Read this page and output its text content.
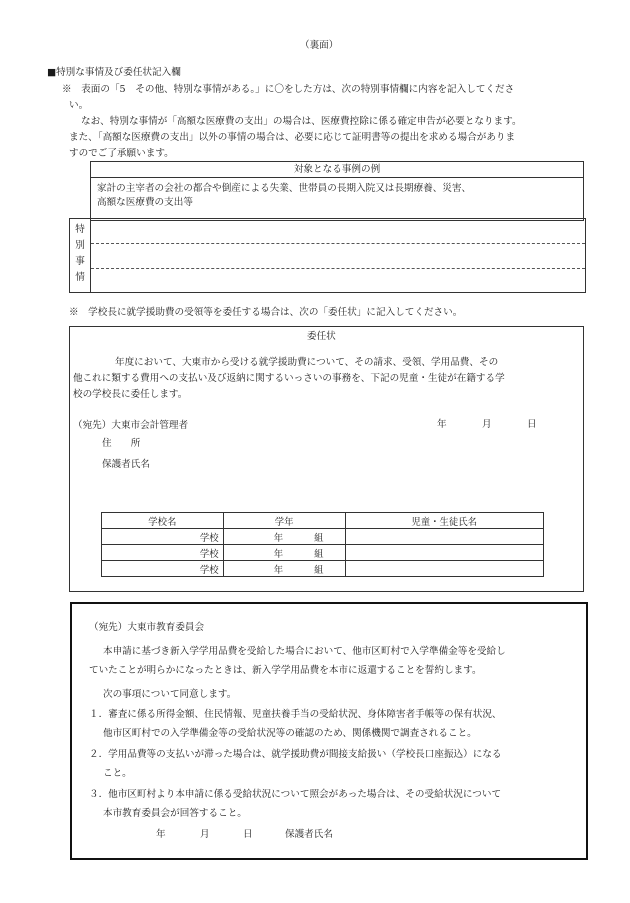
（裏面）
■特別な事情及び委任状記入欄
※　表面の「5　その他、特別な事情がある。」に〇をした方は、次の特別事情欄に内容を記入してくださ
い。
なお、特別な事情が「高額な医療費の支出」の場合は、医療費控除に係る確定申告が必要となります。
また、「高額な医療費の支出」以外の事情の場合は、必要に応じて証明書等の提出を求める場合がありま
すのでご了承願います。
対象となる事例の例

家計の主宰者の会社の都合や倒産による失業、世帯員の長期入院又は長期療養、災害、
高額な医療費の支出等
特
別
事
情
※　学校長に就学援助費の受領等を委任する場合は、次の「委任状」に記入してください。
委任状
年度において、大東市から受ける就学援助費について、その請求、受領、学用品費、その
他これに類する費用への支払い及び返納に関するいっさいの事務を、下記の児童・生徒が在籍する学
校の学校長に委任します。
（宛先）大東市会計管理者	年	月	日
住　　所
保護者氏名
学校名	学年	児童・生徒氏名
学校	年 組	
学校	年 組	
学校	年 組	
（宛先）大東市教育委員会
本申請に基づき新入学学用品費を受給した場合において、他市区町村で入学準備金等を受給し
ていたことが明らかになったときは、新入学学用品費を本市に返還することを誓約します。
次の事項について同意します。
１．審査に係る所得金額、住民情報、児童扶養手当の受給状況、身体障害者手帳等の保有状況、
他市区町村での入学準備金等の受給状況等の確認のため、関係機関で調査されること。
２．学用品費等の支払いが滞った場合は、就学援助費が間接支給扱い（学校長口座振込）になる
こと。
３．他市区町村より本申請に係る受給状況について照会があった場合は、その受給状況について
本市教育委員会が回答すること。
年	月	日	保護者氏名
